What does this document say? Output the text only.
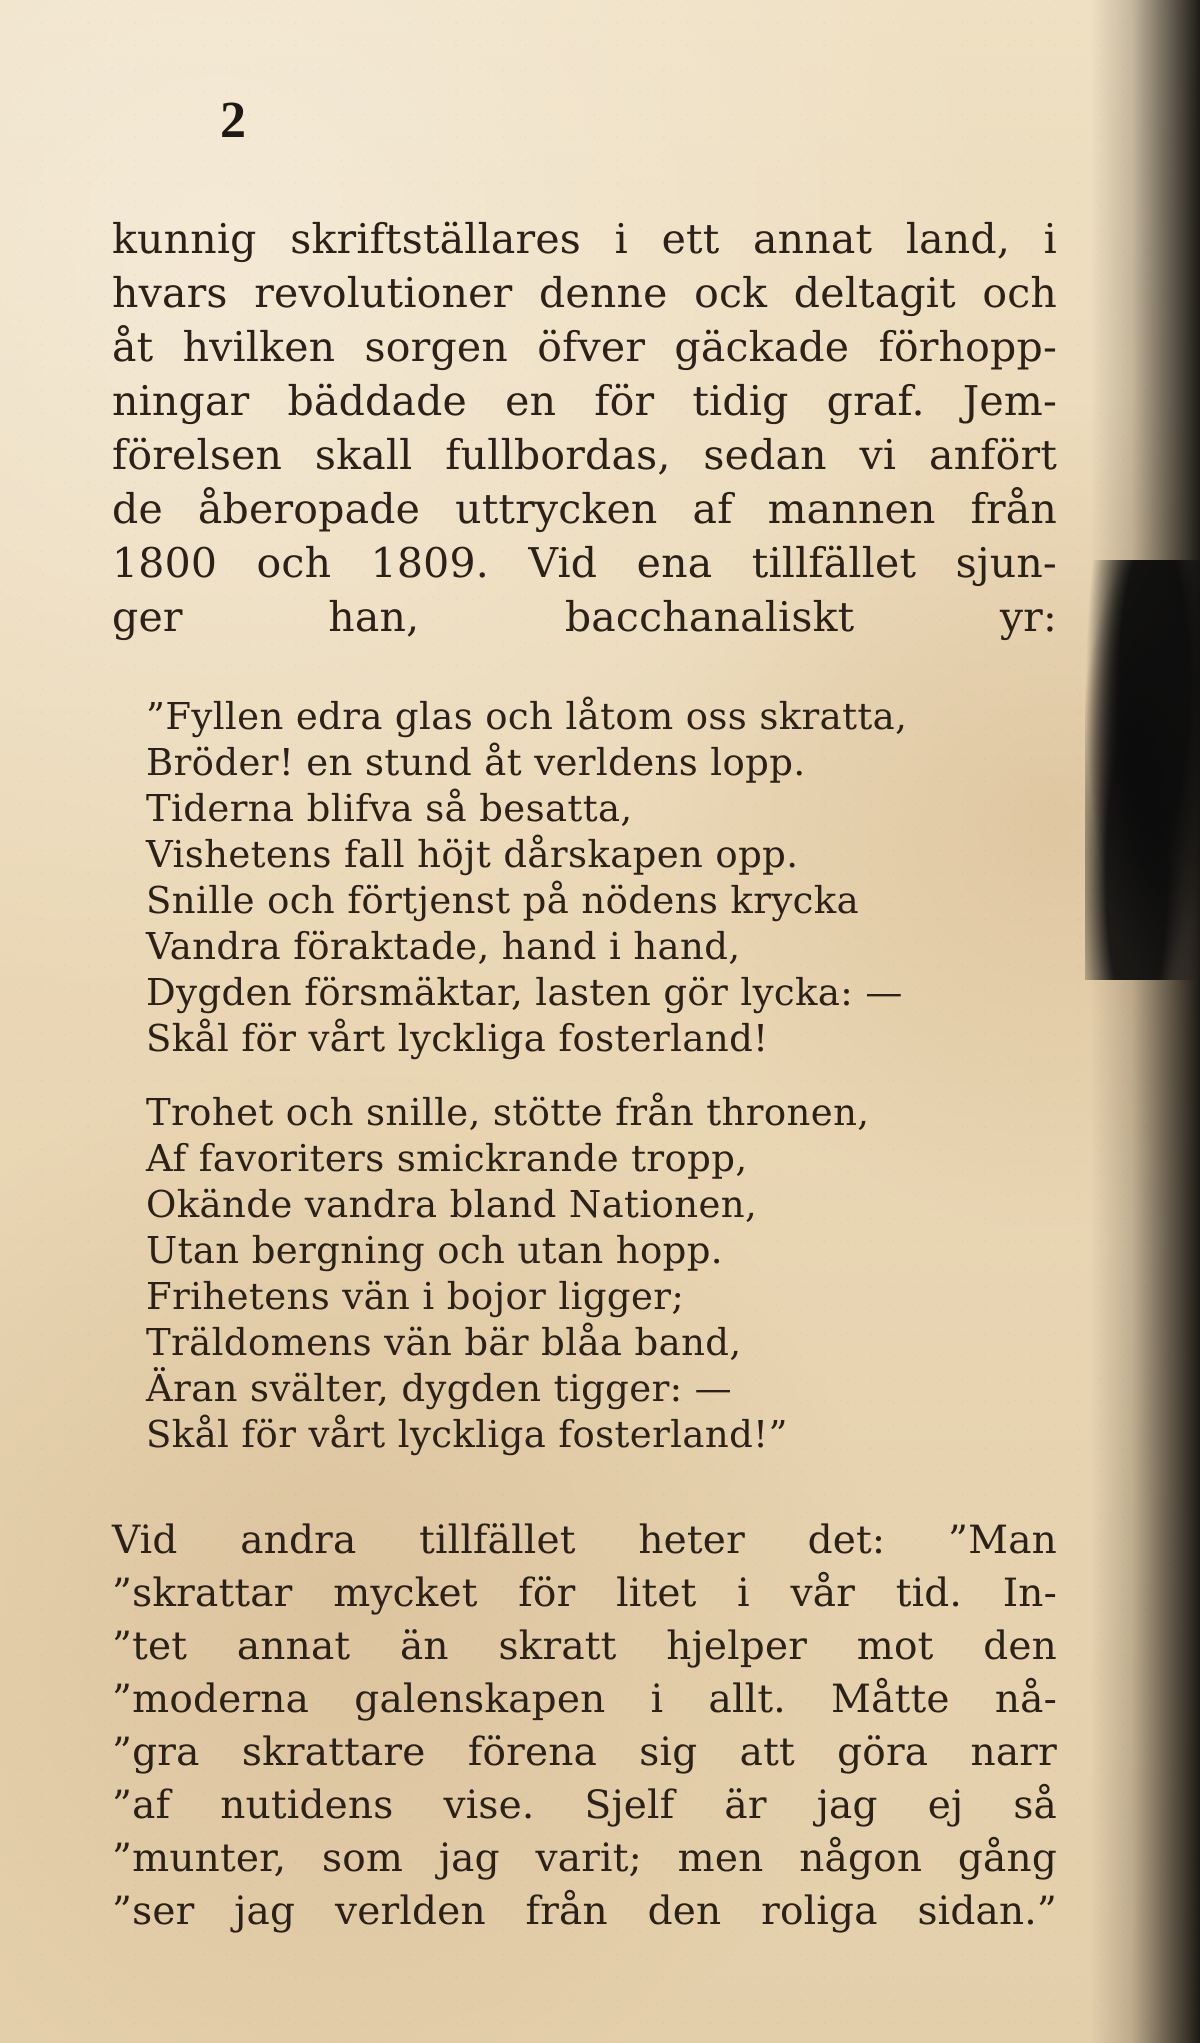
2
kunnig skriftställares i ett annat land, i
hvars revolutioner denne ock deltagit och
åt hvilken sorgen öfver gäckade förhopp-
ningar bäddade en för tidig graf. Jem-
förelsen skall fullbordas, sedan vi anfört
de åberopade uttrycken af mannen från
1800 och 1809. Vid ena tillfället sjun-
ger han, bacchanaliskt yr:
”Fyllen edra glas och låtom oss skratta,
Bröder! en stund åt verldens lopp.
Tiderna blifva så besatta,
Vishetens fall höjt dårskapen opp.
Snille och förtjenst på nödens krycka
Vandra föraktade, hand i hand,
Dygden försmäktar, lasten gör lycka: —
Skål för vårt lyckliga fosterland!
Trohet och snille, stötte från thronen,
Af favoriters smickrande tropp,
Okände vandra bland Nationen,
Utan bergning och utan hopp.
Frihetens vän i bojor ligger;
Träldomens vän bär blåa band,
Äran svälter, dygden tigger: —
Skål för vårt lyckliga fosterland!”
Vid andra tillfället heter det: ”Man
”skrattar mycket för litet i vår tid. In-
”tet annat än skratt hjelper mot den
”moderna galenskapen i allt. Måtte nå-
”gra skrattare förena sig att göra narr
”af nutidens vise. Sjelf är jag ej så
”munter, som jag varit; men någon gång
”ser jag verlden från den roliga sidan.”
